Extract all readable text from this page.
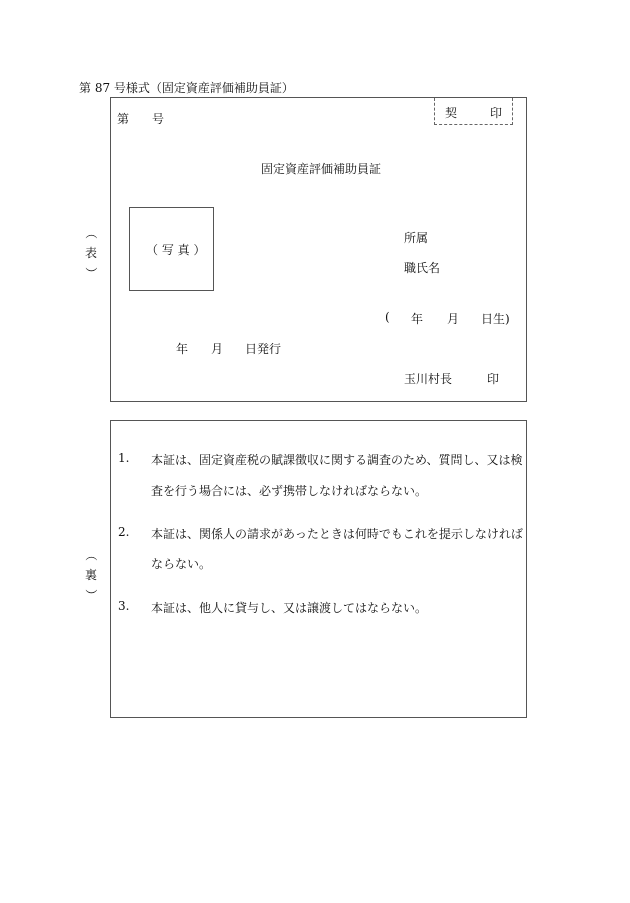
第 87 号様式（固定資産評価補助員証）
（
表
）
第 号	契	印
固定資産評価補助員証
（ 写 真 ）
所属
職氏名
( 年 月 日生)
年 月 日発行
玉川村長	印
（
裏
）
1. 本証は、固定資産税の賦課徴収に関する調査のため、質問し、又は検
査を行う場合には、必ず携帯しなければならない。
2. 本証は、関係人の請求があったときは何時でもこれを提示しなければ
ならない。
3. 本証は、他人に貸与し、又は譲渡してはならない。
